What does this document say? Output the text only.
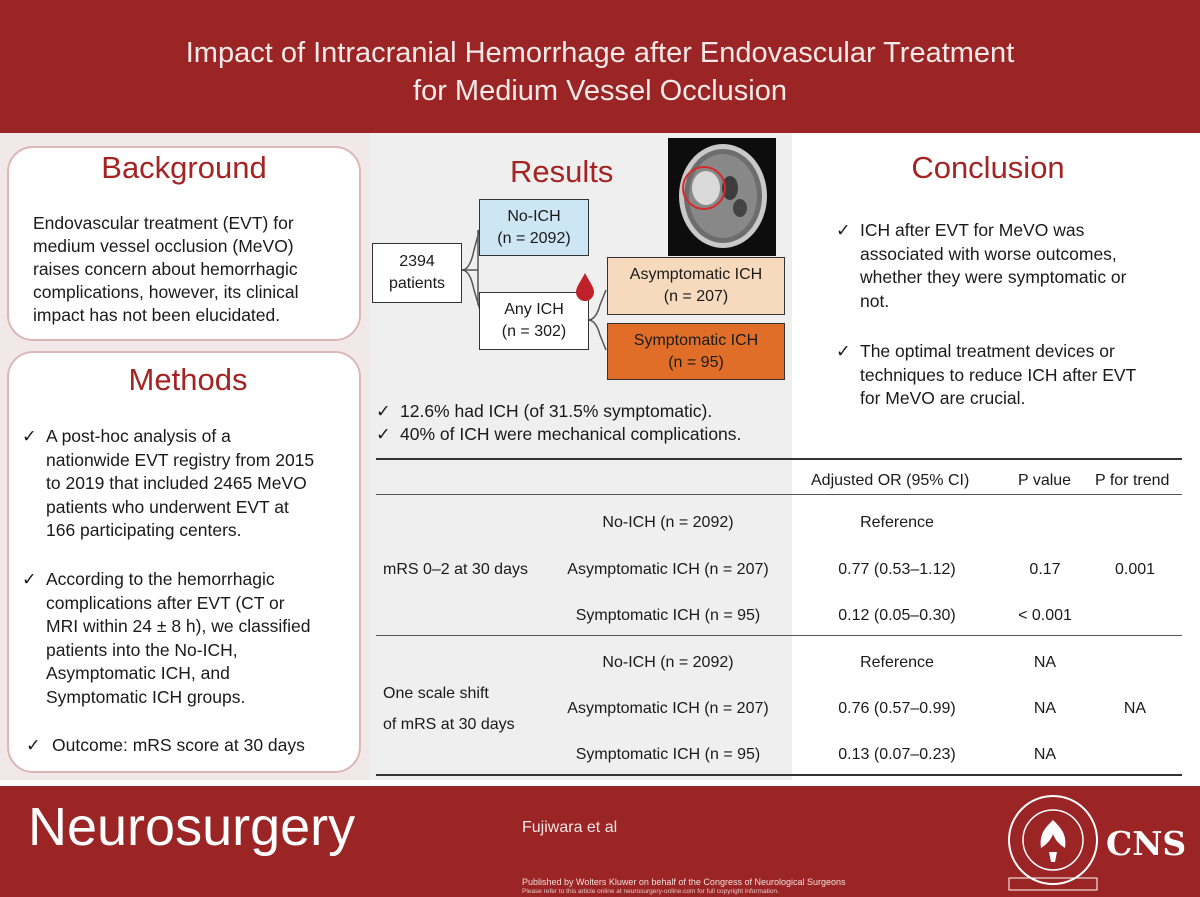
Impact of Intracranial Hemorrhage after Endovascular Treatment
for Medium Vessel Occlusion
Background
Endovascular treatment (EVT) for
medium vessel occlusion (MeVO)
raises concern about hemorrhagic
complications, however, its clinical
impact has not been elucidated.
Methods
✓ A post-hoc analysis of a
nationwide EVT registry from 2015
to 2019 that included 2465 MeVO
patients who underwent EVT at
166 participating centers.
✓ According to the hemorrhagic
complications after EVT (CT or
MRI within 24 ± 8 h), we classified
patients into the No-ICH,
Asymptomatic ICH, and
Symptomatic ICH groups.
✓ Outcome: mRS score at 30 days
Results
2394
patients
No-ICH
(n = 2092)
Any ICH
(n = 302)
Asymptomatic ICH
(n = 207)
Symptomatic ICH
(n = 95)
✓ 12.6% had ICH (of 31.5% symptomatic).
✓ 40% of ICH were mechanical complications.
Adjusted OR (95% CI)	P value P for trend
mRS 0–2 at 30 days
No-ICH (n = 2092)	Reference
Asymptomatic ICH (n = 207)	0.77 (0.53–1.12)	0.17	0.001
Symptomatic ICH (n = 95)	0.12 (0.05–0.30)	< 0.001
One scale shift
of mRS at 30 days
No-ICH (n = 2092)	Reference	NA
Asymptomatic ICH (n = 207)	0.76 (0.57–0.99)	NA	NA
Symptomatic ICH (n = 95)	0.13 (0.07–0.23)	NA
Conclusion
✓ ICH after EVT for MeVO was
associated with worse outcomes,
whether they were symptomatic or
not.
✓ The optimal treatment devices or
techniques to reduce ICH after EVT
for MeVO are crucial.
Neurosurgery	Fujiwara et al
Published by Wolters Kluwer on behalf of the Congress of Neurological Surgeons
Please refer to this article online at neurosurgery-online.com for full copyright information.
CNS
